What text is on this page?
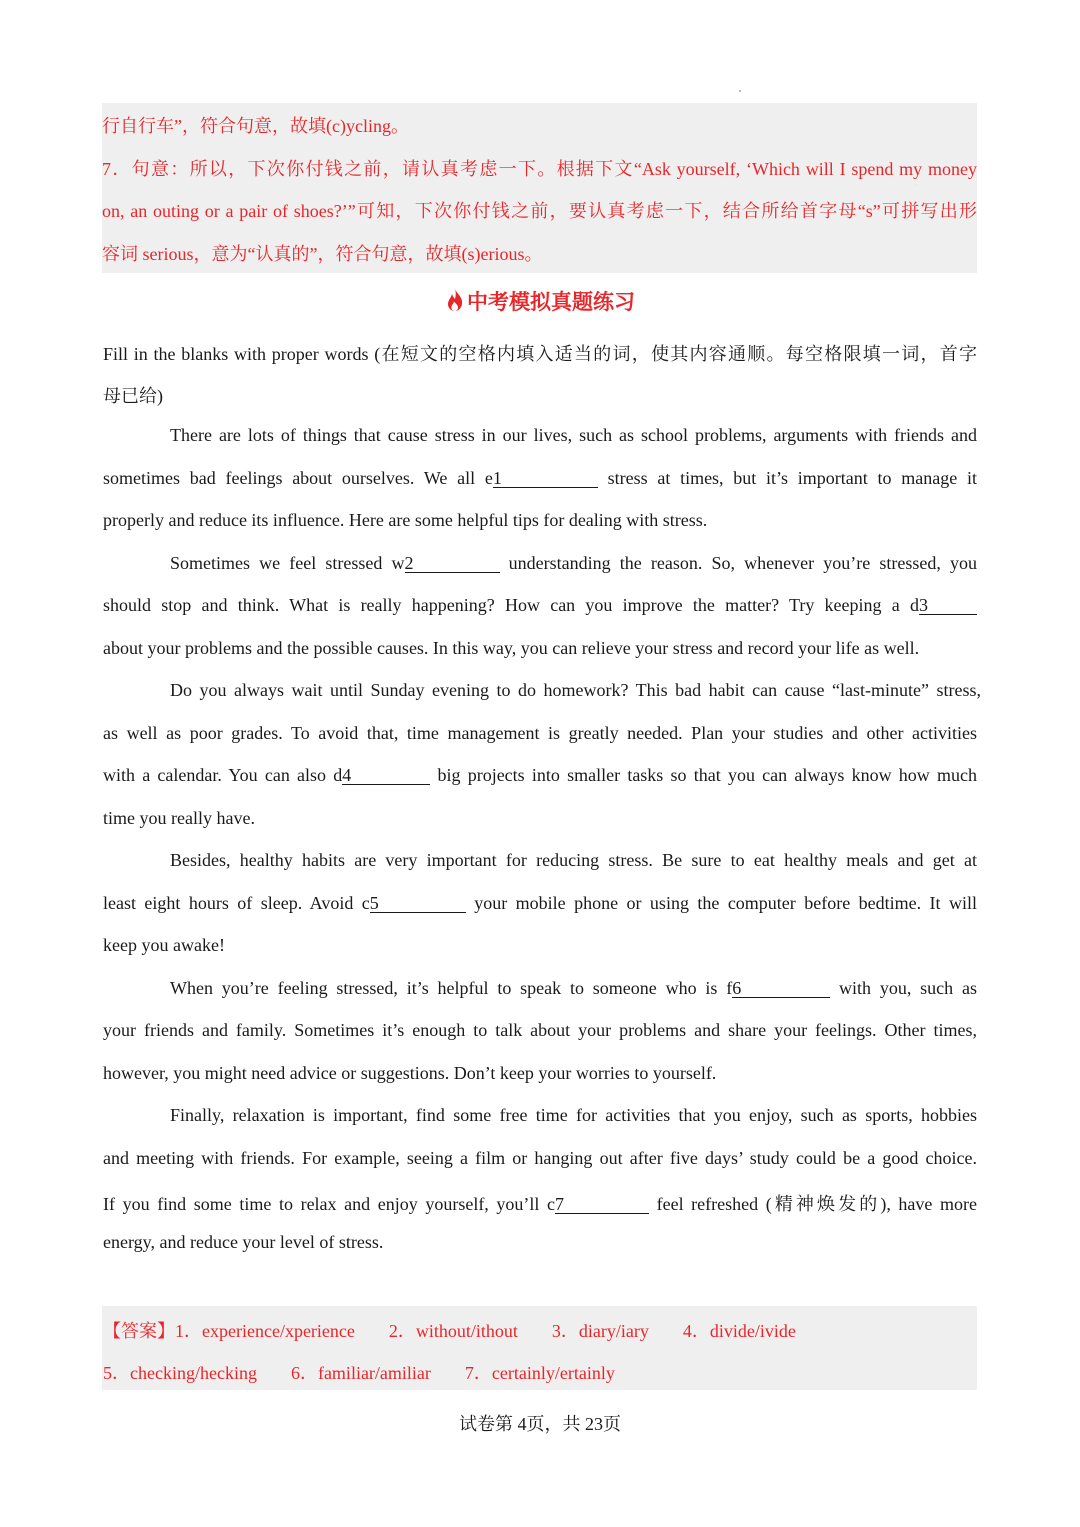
行自行车”，符合句意，故填(c)ycling。
7．句意：所以，下次你付钱之前，请认真考虑一下。根据下文“Ask yourself, ‘Which will I spend my money
on, an outing or a pair of shoes?’”可知，下次你付钱之前，要认真考虑一下，结合所给首字母“s”可拼写出形
容词 serious，意为“认真的”，符合句意，故填(s)erious。
中考模拟真题练习
Fill in the blanks with proper words (在短文的空格内填入适当的词，使其内容通顺。每空格限填一词，首字
母已给)
There are lots of things that cause stress in our lives, such as school problems, arguments with friends and
sometimes bad feelings about ourselves. We all e1	stress at times, but it’s important to manage it
properly and reduce its influence. Here are some helpful tips for dealing with stress.
Sometimes we feel stressed w2	understanding the reason. So, whenever you’re stressed, you
should stop and think. What is really happening? How can you improve the matter? Try keeping a d3
about your problems and the possible causes. In this way, you can relieve your stress and record your life as well.
Do you always wait until Sunday evening to do homework? This bad habit can cause “last-minute” stress,
as well as poor grades. To avoid that, time management is greatly needed. Plan your studies and other activities
with a calendar. You can also d4	big projects into smaller tasks so that you can always know how much
time you really have.
Besides, healthy habits are very important for reducing stress. Be sure to eat healthy meals and get at
least eight hours of sleep. Avoid c5	your mobile phone or using the computer before bedtime. It will
keep you awake!
When you’re feeling stressed, it’s helpful to speak to someone who is f6	with you, such as
your friends and family. Sometimes it’s enough to talk about your problems and share your feelings. Other times,
however, you might need advice or suggestions. Don’t keep your worries to yourself.
Finally, relaxation is important, find some free time for activities that you enjoy, such as sports, hobbies
and meeting with friends. For example, seeing a film or hanging out after five days’ study could be a good choice.
If you find some time to relax and enjoy yourself, you’ll c7	feel refreshed (精神焕发的), have more
energy, and reduce your level of stress.
【答案】1．experience/xperience 2．without/ithout 3．diary/iary 4．divide/ivide
5．checking/hecking 6．familiar/amiliar 7．certainly/ertainly
试卷第 4页，共 23页
